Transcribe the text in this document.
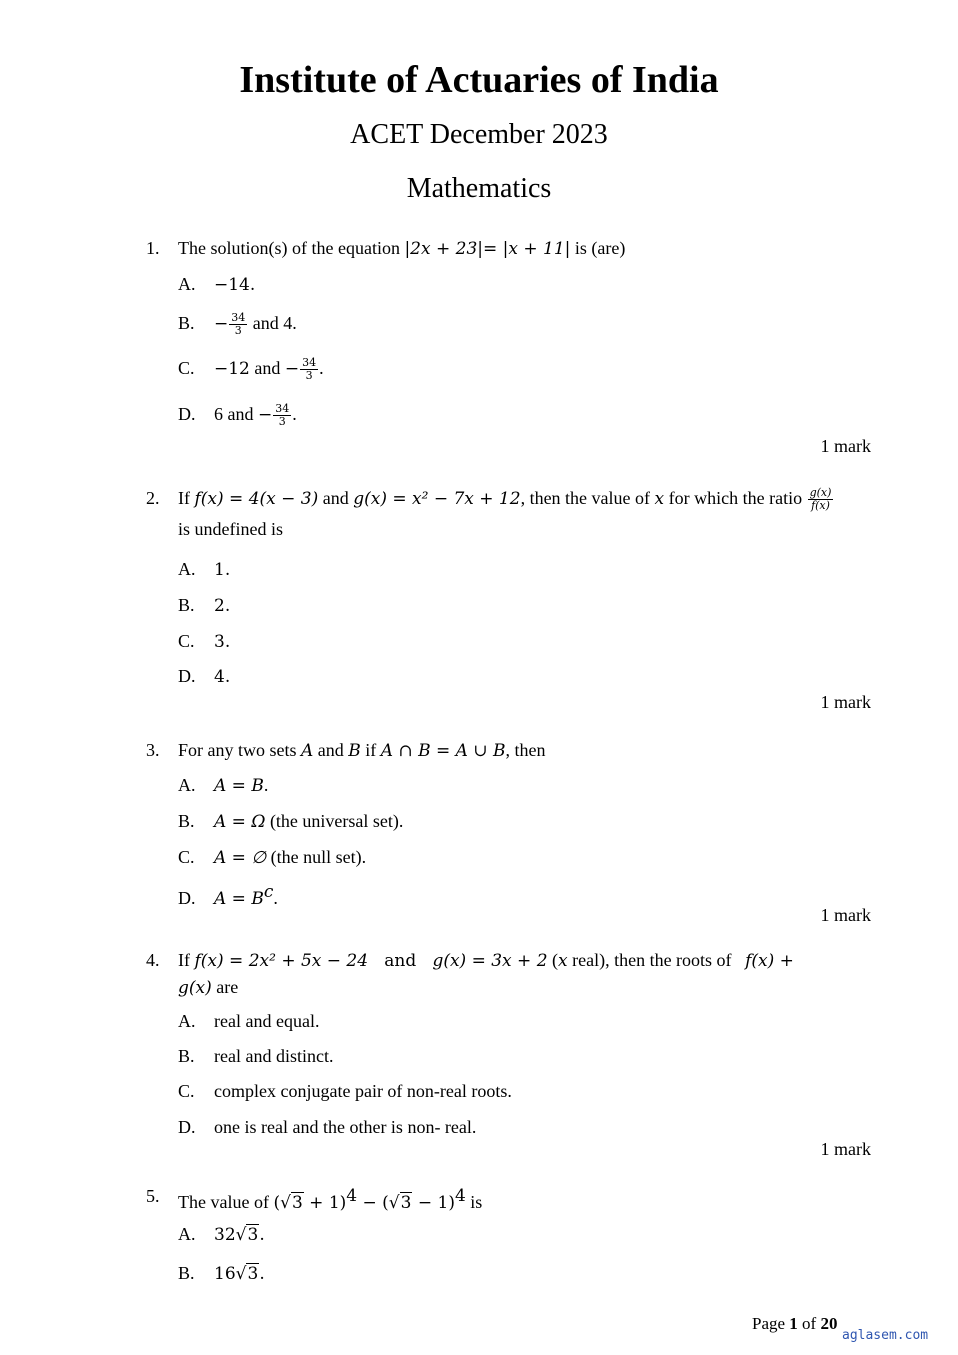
Institute of Actuaries of India
ACET December 2023
Mathematics
1. The solution(s) of the equation |2x + 23|= |x + 11| is (are)
A. −14.
B. − $\frac{34}{3}$ and 4.
C. −12 and − $\frac{34}{3}$ .
D. 6 and − $\frac{34}{3}$ .
1 mark
2. If f(x) = 4(x − 3) and g(x) = x² − 7x + 12, then the value of x for which the ratio $\frac{g(x)}{f(x)}$
is undefined is
A. 1.
B. 2.
C. 3.
D. 4.
1 mark
3. For any two sets A and B if A ∩ B = A ∪ B, then
A. A = B.
B. A = Ω (the universal set).
C. A = ∅ (the null set).
D. $A = B^c$.
1 mark
4. If f(x) = 2x² + 5x − 24   and   g(x) = 3x + 2 (x real), then the roots of   f(x) +
g(x) are
A. real and equal.
B. real and distinct.
C. complex conjugate pair of non-real roots.
D. one is real and the other is non- real.
1 mark
5. The value of $(√3 + 1)^4 - (√3 - 1)^4$ is
A. 32√3.
B. 16√3.
Page 1 of 20
aglasem.com
